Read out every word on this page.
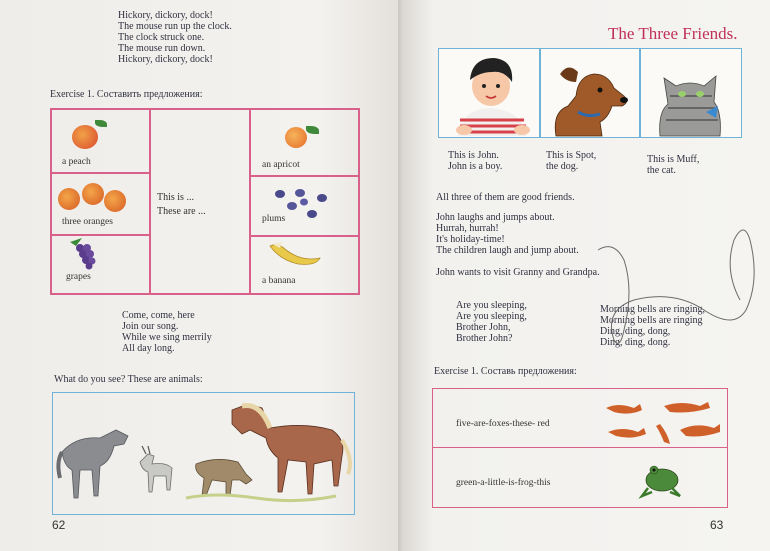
Hickory, dickory, dock!
The mouse run up the clock.
The clock struck one.
The mouse run down.
Hickory, dickory, dock!
Exercise 1. Составить предложения:
a peach
three oranges
grapes
This is ...
These are ...
an apricot
plums
a banana
Come, come, here
Join our song.
While we sing merrily
All day long.
What do you see? These are animals:
62
The Three Friends.
This is John.
John is a boy.
This is Spot,
the dog.
This is Muff,
the cat.
All three of them are good friends.
John laughs and jumps about.
Hurrah, hurrah!
It's holiday-time!
The children laugh and jump about.
John wants to visit Granny and Grandpa.
Are you sleeping,
Are you sleeping,
Brother John,
Brother John?
Morning bells are ringing,
Morning bells are ringing
Ding, ding, dong,
Ding, ding, dong.
Exercise 1. Составь предложения:
five-are-foxes-these- red
green-a-little-is-frog-this
63
